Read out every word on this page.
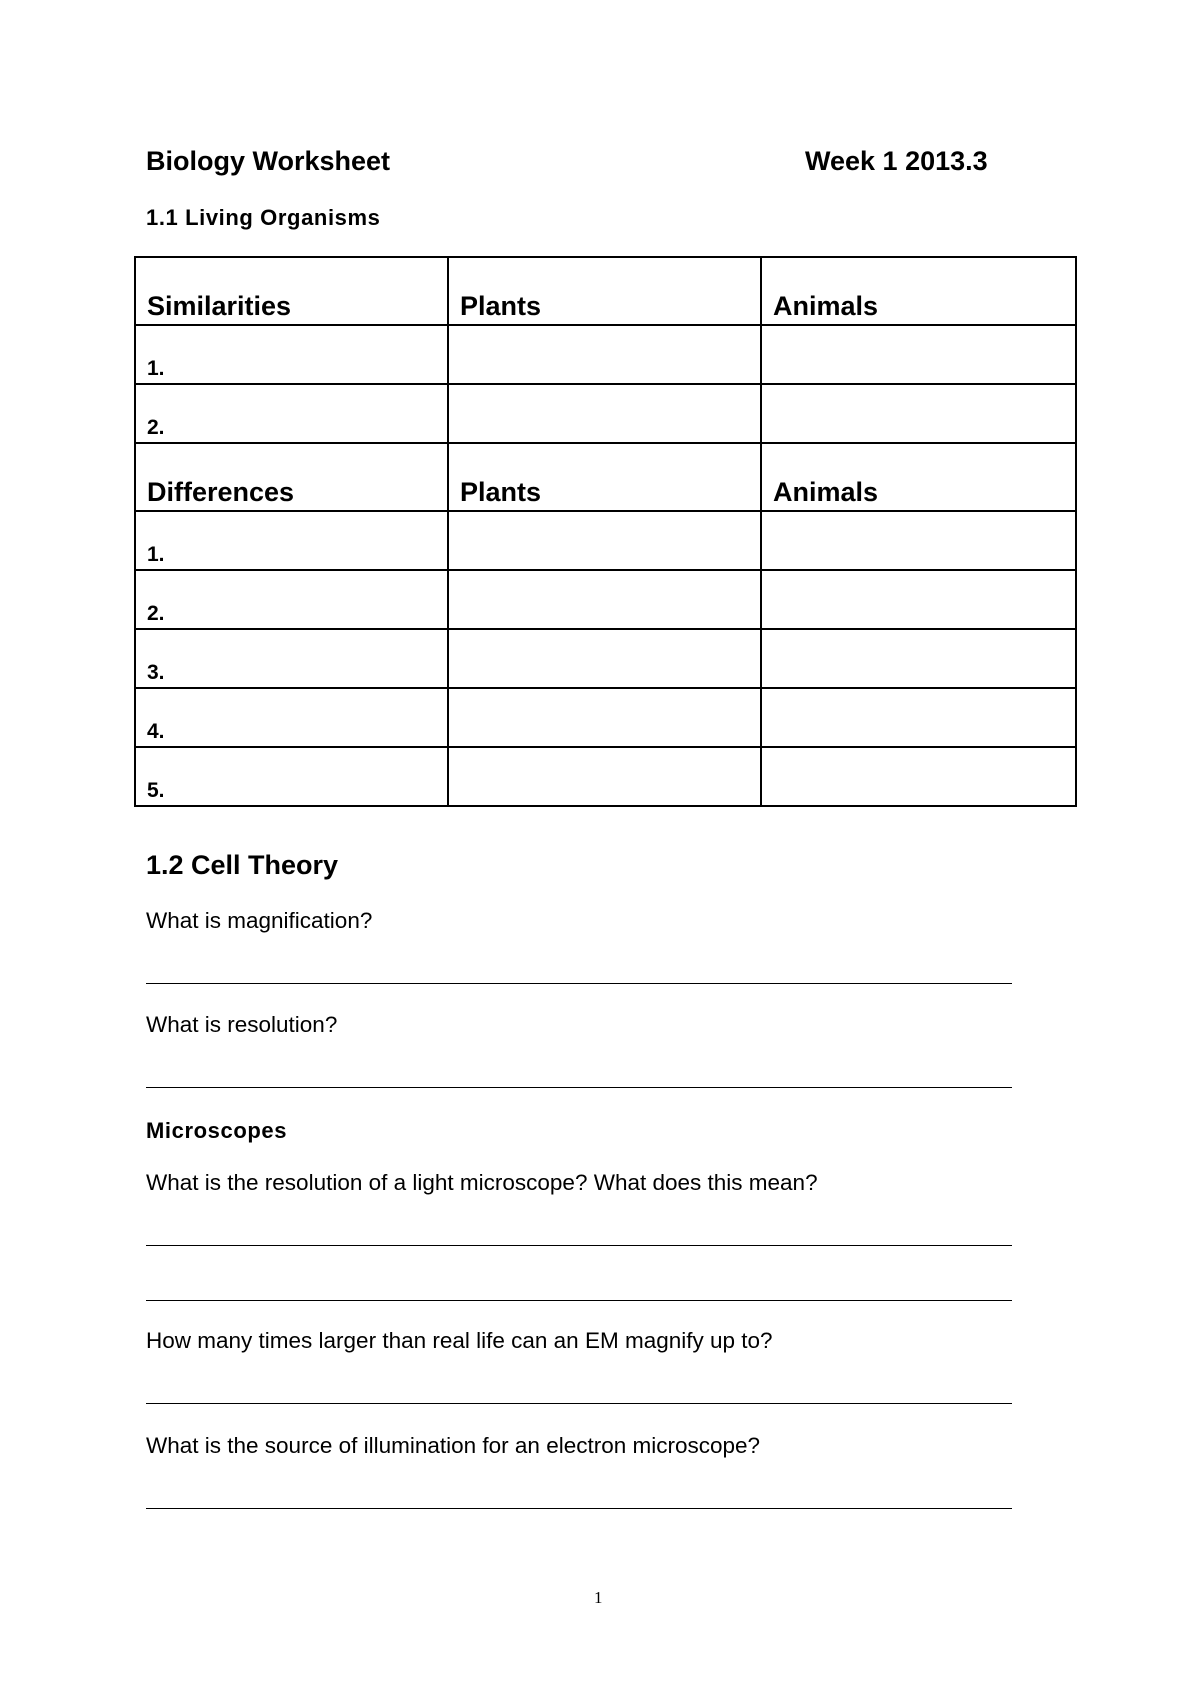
Biology Worksheet	Week 1 2013.3
1.1 Living Organisms
Similarities	Plants	Animals
1.		
2.		
Differences	Plants	Animals
1.		
2.		
3.		
4.		
5.		
1.2 Cell Theory
What is magnification?
What is resolution?
Microscopes
What is the resolution of a light microscope? What does this mean?
How many times larger than real life can an EM magnify up to?
What is the source of illumination for an electron microscope?
1
